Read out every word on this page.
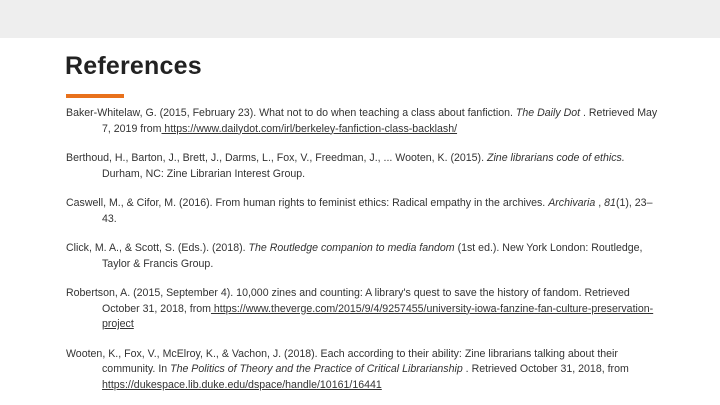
References

Baker-Whitelaw, G. (2015, February 23). What not to do when teaching a class about fanfiction. The Daily Dot . Retrieved May 7, 2019 from https://www.dailydot.com/irl/berkeley-fanfiction-class-backlash/

Berthoud, H., Barton, J., Brett, J., Darms, L., Fox, V., Freedman, J., ... Wooten, K. (2015). Zine librarians code of ethics. Durham, NC: Zine Librarian Interest Group.

Caswell, M., & Cifor, M. (2016). From human rights to feminist ethics: Radical empathy in the archives. Archivaria , 81(1), 23–43.

Click, M. A., & Scott, S. (Eds.). (2018). The Routledge companion to media fandom (1st ed.). New York London: Routledge, Taylor & Francis Group.

Robertson, A. (2015, September 4). 10,000 zines and counting: A library's quest to save the history of fandom. Retrieved October 31, 2018, from https://www.theverge.com/2015/9/4/9257455/university-iowa-fanzine-fan-culture-preservation-project

Wooten, K., Fox, V., McElroy, K., & Vachon, J. (2018). Each according to their ability: Zine librarians talking about their community. In The Politics of Theory and the Practice of Critical Librarianship . Retrieved October 31, 2018, from https://dukespace.lib.duke.edu/dspace/handle/10161/16441
